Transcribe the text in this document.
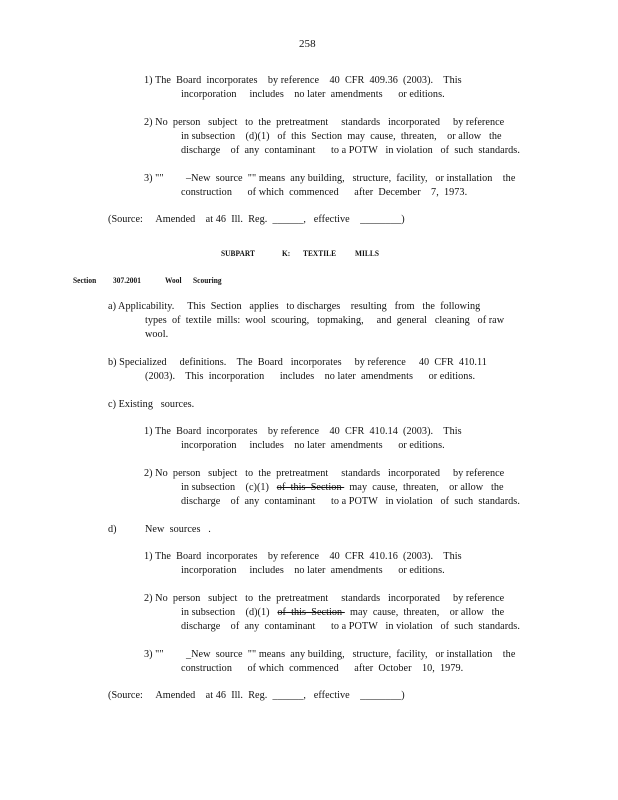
258
1) The  Board  incorporates    by reference    40  CFR  409.36  (2003).    This
incorporation     includes    no later  amendments      or editions.
2) No  person   subject   to  the  pretreatment     standards   incorporated     by reference
in subsection    (d)(1)   of  this  Section  may  cause,  threaten,    or allow   the
discharge    of  any  contaminant      to a POTW   in violation   of  such  standards.
3) "" –New  source  "" means  any building,   structure,  facility,   or installation    the
construction      of which  commenced      after  December    7,  1973.
(Source:     Amended    at 46  Ill.  Reg.  ______,   effective    ________)
SUBPART	K: TEXTILE MILLS
Section 307.2001	Wool Scouring
a) Applicability.     This  Section   applies   to discharges    resulting   from   the  following
types  of  textile  mills:  wool  scouring,   topmaking,     and  general   cleaning   of raw
wool.
b) Specialized     definitions.    The  Board   incorporates     by reference     40  CFR  410.11
(2003).    This  incorporation      includes    no later  amendments      or editions.
c) Existing   sources.
1) The  Board  incorporates    by reference    40  CFR  410.14  (2003).    This
incorporation     includes    no later  amendments      or editions.
2) No  person   subject   to  the  pretreatment     standards   incorporated     by reference
in subsection    (c)(1)   of  this  Section   may  cause,  threaten,    or allow   the
discharge    of  any  contaminant      to a POTW   in violation   of  such  standards.
d)	New  sources   .
1) The  Board  incorporates    by reference    40  CFR  410.16  (2003).    This
incorporation     includes    no later  amendments      or editions.
2) No  person   subject   to  the  pretreatment     standards   incorporated     by reference
in subsection    (d)(1)   of  this  Section   may  cause,  threaten,    or allow   the
discharge    of  any  contaminant      to a POTW   in violation   of  such  standards.
3) "" _New  source  "" means  any building,   structure,  facility,   or installation    the
construction      of which  commenced      after  October    10,  1979.
(Source:     Amended    at 46  Ill.  Reg.  ______,   effective    ________)
